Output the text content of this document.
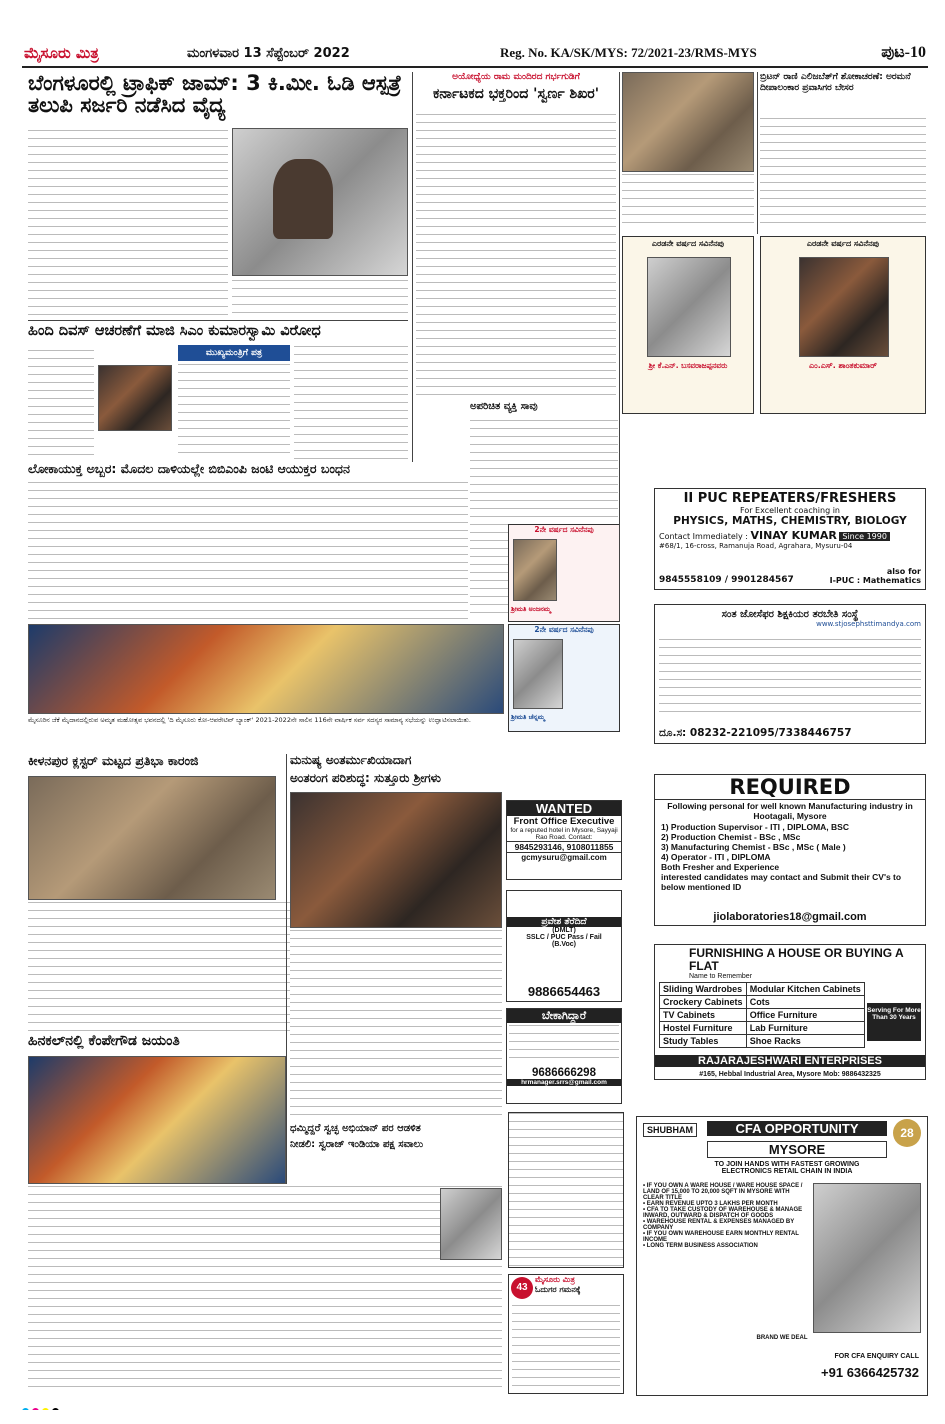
ಮೈಸೂರು ಮಿತ್ರ	ಮಂಗಳವಾರ 13 ಸೆಪ್ಟೆಂಬರ್ 2022	Reg. No. KA/SK/MYS: 72/2021-23/RMS-MYS	ಪುಟ-10
ಬೆಂಗಳೂರಲ್ಲಿ ಟ್ರಾಫಿಕ್ ಜಾಮ್: 3 ಕಿ.ಮೀ. ಓಡಿ ಆಸ್ಪತ್ರೆ ತಲುಪಿ ಸರ್ಜರಿ ನಡೆಸಿದ ವೈದ್ಯ
ಹಿಂದಿ ದಿವಸ್ ಆಚರಣೆಗೆ ಮಾಜಿ ಸಿಎಂ ಕುಮಾರಸ್ವಾಮಿ ವಿರೋಧ
ಮುಖ್ಯಮಂತ್ರಿಗೆ ಪತ್ರ
ಲೋಕಾಯುಕ್ತ ಅಬ್ಬರ: ಮೊದಲ ದಾಳಿಯಲ್ಲೇ ಬಿಬಿಎಂಪಿ ಜಂಟಿ ಆಯುಕ್ತರ ಬಂಧನ
ಅಯೋಧ್ಯೆಯ ರಾಮ ಮಂದಿರದ ಗರ್ಭಗುಡಿಗೆ
ಕರ್ನಾಟಕದ ಭಕ್ತರಿಂದ 'ಸ್ವರ್ಣ ಶಿಖರ'
ಅಪರಿಚಿತ ವ್ಯಕ್ತಿ ಸಾವು
ಬ್ರಿಟನ್ ರಾಣಿ ಎಲಿಜಬೆತ್‌ಗೆ ಶೋಕಾಚರಣೆ: ಅರಮನೆ ದೀಪಾಲಂಕಾರ ಪ್ರವಾಸಿಗರ ಬೇಸರ
ಎರಡನೇ ವರ್ಷದ ಸವಿನೆನಪು
ಶ್ರೀ ಕೆ.ಎನ್. ಬಸವರಾಜಪ್ಪನವರು
ಎರಡನೇ ವರ್ಷದ ಸವಿನೆನಪು
ಎಂ.ಎಸ್. ಶಾಂತಕುಮಾರ್
2ನೇ ವರ್ಷದ ಸವಿನೆನಪು
ಶ್ರೀಮತಿ ಅಂಜನಮ್ಮ
2ನೇ ವರ್ಷದ ಸವಿನೆನಪು
ಶ್ರೀಮತಿ ಚೆನ್ನಮ್ಮ
ಮೈಸೂರಿನ ಜೆಕೆ ಮೈದಾನದಲ್ಲಿರುವ ಅಮೃತ ಮಹೋತ್ಸವ ಭವನದಲ್ಲಿ 'ದಿ ಮೈಸೂರು ಕೋ-ಆಪರೇಟಿವ್ ಬ್ಯಾಂಕ್' 2021-2022ನೇ ಸಾಲಿನ 116ನೇ ವಾರ್ಷಿಕ ಸರ್ವ ಸದಸ್ಯರ ಸಾಮಾನ್ಯ ಸಭೆಯನ್ನು ಉದ್ಘಾಟಿಸಲಾಯಿತು.
ಕೀಳನಪುರ ಕ್ಲಸ್ಟರ್ ಮಟ್ಟದ ಪ್ರತಿಭಾ ಕಾರಂಜಿ	ಮನುಷ್ಯ ಅಂತರ್ಮುಖಿಯಾದಾಗ
ಅಂತರಂಗ ಪರಿಶುದ್ಧ: ಸುತ್ತೂರು ಶ್ರೀಗಳು
ಹಿನಕಲ್‌ನಲ್ಲಿ ಕೆಂಪೇಗೌಡ ಜಯಂತಿ
ಧಮ್ಮಿದ್ದರೆ ಸ್ವಚ್ಛ ಅಭಿಯಾನ್ ಪರ ಆಡಳಿತ
ನೀಡಲಿ: ಸ್ವರಾಜ್ ಇಂಡಿಯಾ ಪಕ್ಷ ಸವಾಲು
II PUC REPEATERS/FRESHERS
For Excellent coaching in
PHYSICS, MATHS, CHEMISTRY, BIOLOGY
Contact Immediately : VINAY KUMAR Since 1990
#68/1, 16-cross, Ramanuja Road, Agrahara, Mysuru-04
9845558109 / 9901284567
also for
I-PUC : Mathematics
ಸಂತ ಜೋಸೆಫರ ಶಿಕ್ಷಕಿಯರ ತರಬೇತಿ ಸಂಸ್ಥೆ
www.stjosephsttimandya.com
ದೂ.ಸ: 08232-221095/7338446757
REQUIRED
Following personal for well known Manufacturing industry in Hootagali, Mysore
1) Production Supervisor - ITI , DIPLOMA, BSC
2) Production Chemist - BSc , MSc
3) Manufacturing Chemist - BSc , MSc ( Male )
4) Operator - ITI , DIPLOMA
Both Fresher and Experience
interested candidates may contact and Submit their CV's to below mentioned ID
jiolaboratories18@gmail.com
WANTED
Front Office Executive
for a reputed hotel in Mysore, Sayyaji Rao Road. Contact:
9845293146, 9108011855
gcmysuru@gmail.com
ಪ್ರವೇಶ ತೆರೆದಿದೆ
(DMLT)
SSLC / PUC Pass / Fail
(B.Voc)
9886654463
ಬೇಕಾಗಿದ್ದಾರೆ
9686666298
hrmanager.srrs@gmail.com
FURNISHING A HOUSE OR BUYING A FLAT
Name to Remember
Sliding Wardrobes	Modular Kitchen Cabinets
Crockery Cabinets	Cots
TV Cabinets	Office Furniture
Hostel Furniture	Lab Furniture
Study Tables	Shoe Racks
Serving For More Than 30 Years
RAJARAJESHWARI ENTERPRISES
#165, Hebbal Industrial Area, Mysore Mob: 9886432325
SHUBHAM	CFA OPPORTUNITY	28
MYSORE
TO JOIN HANDS WITH FASTEST GROWING ELECTRONICS RETAIL CHAIN IN INDIA
• IF YOU OWN A WARE HOUSE / WARE HOUSE SPACE / LAND OF 15,000 TO 20,000 SQFT IN MYSORE WITH CLEAR TITLE
• EARN REVENUE UPTO 3 LAKHS PER MONTH
• CFA TO TAKE CUSTODY OF WAREHOUSE & MANAGE INWARD, OUTWARD & DISPATCH OF GOODS
• WAREHOUSE RENTAL & EXPENSES MANAGED BY COMPANY
• IF YOU OWN WAREHOUSE EARN MONTHLY RENTAL INCOME
• LONG TERM BUSINESS ASSOCIATION
BRAND WE DEAL
FOR CFA ENQUIRY CALL
+91 6366425732
43
ಮೈಸೂರು ಮಿತ್ರ
ಓದುಗರ ಗಮನಕ್ಕೆ
